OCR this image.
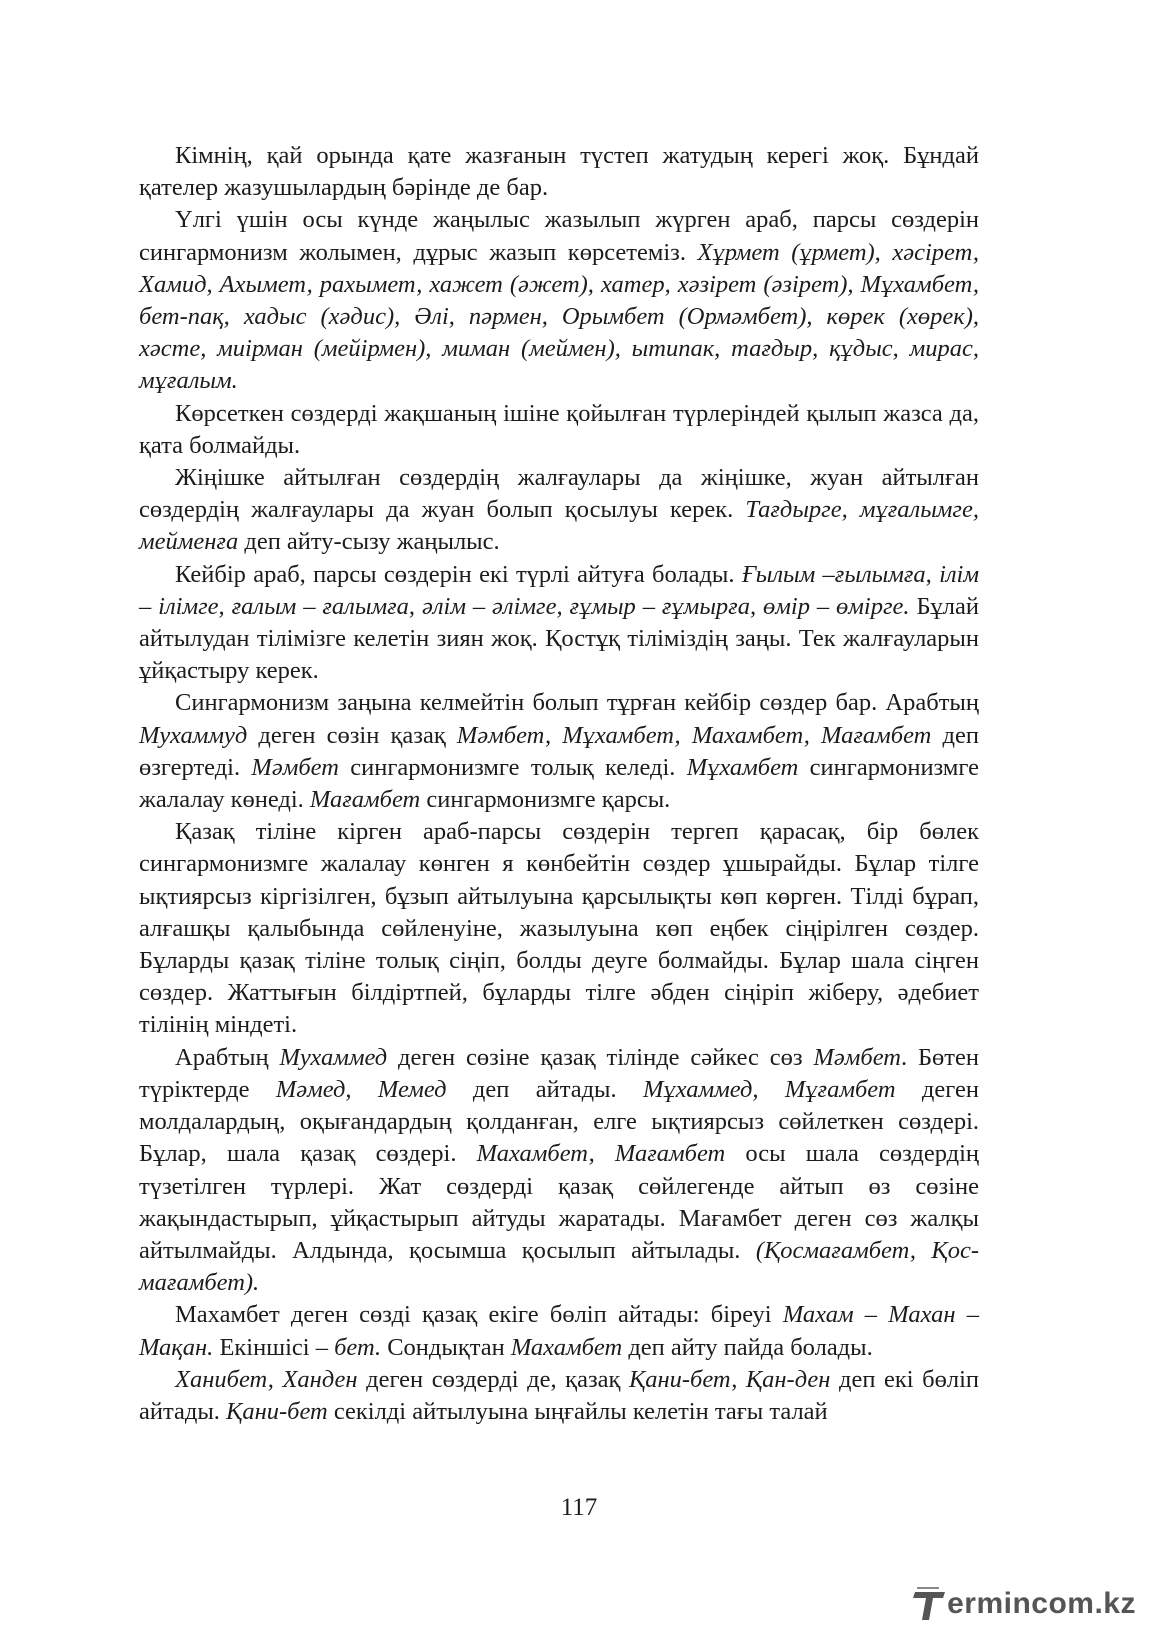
Кімнің, қай орында қате жазғанын түстеп жатудың керегі жоқ. Бұндай қателер жазушылардың бәрінде де бар.

Үлгі үшін осы күнде жаңылыс жазылып жүрген араб, парсы сөздерін сингармонизм жолымен, дұрыс жазып көрсетеміз. Хұрмет (ұрмет), хәсірет, Хамид, Ахымет, рахымет, хажет (әжет), хатер, хәзірет (әзірет), Мұхамбет, бет-пақ, хадыс (хәдис), Әлі, пәрмен, Орымбет (Ормәмбет), көрек (хөрек), хәсте, миірман (мейірмен), миман (меймен), ытипак, тағдыр, құдыс, мирас, мұғалым.

Көрсеткен сөздерді жақшаның ішіне қойылған түрлеріндей қылып жазса да, қата болмайды.

Жіңішке айтылған сөздердің жалғаулары да жіңішке, жуан айтылған сөздердің жалғаулары да жуан болып қосылуы керек. Тағдырге, мұғалымге, мейменға деп айту-сызу жаңылыс.

Кейбір араб, парсы сөздерін екі түрлі айтуға болады. Ғылым –ғылымға, ілім – ілімге, ғалым – ғалымға, әлім – әлімге, ғұмыр – ғұмырға, өмір – өмірге. Бұлай айтылудан тілімізге келетін зиян жоқ. Қостұқ тіліміздің заңы. Тек жалғауларын ұйқастыру керек.

Сингармонизм заңына келмейтін болып тұрған кейбір сөздер бар. Арабтың Мухаммуд деген сөзін қазақ Мәмбет, Мұхамбет, Махамбет, Мағамбет деп өзгертеді. Мәмбет сингармонизмге толық келеді. Мұхамбет сингармонизмге жалалау көнеді. Мағамбет сингармонизмге қарсы.

Қазақ тіліне кірген араб-парсы сөздерін тергеп қарасақ, бір бөлек сингармонизмге жалалау көнген я көнбейтін сөздер ұшырайды. Бұлар тілге ықтиярсыз кіргізілген, бұзып айтылуына қарсылықты көп көрген. Тілді бұрап, алғашқы қалыбында сөйленуіне, жазылуына көп еңбек сіңірілген сөздер. Бұларды қазақ тіліне толық сіңіп, болды деуге болмайды. Бұлар шала сіңген сөздер. Жаттығын білдіртпей, бұларды тілге әбден сіңіріп жіберу, әдебиет тілінің міндеті.

Арабтың Мухаммед деген сөзіне қазақ тілінде сәйкес сөз Мәмбет. Бөтен түріктерде Мәмед, Мемед деп айтады. Мұхаммед, Мұғамбет деген молдалардың, оқығандардың қолданған, елге ықтиярсыз сөйлеткен сөздері. Бұлар, шала қазақ сөздері. Махамбет, Мағамбет осы шала сөздердің түзетілген түрлері. Жат сөздерді қазақ сөйлегенде айтып өз сөзіне жақындастырып, ұйқастырып айтуды жаратады. Мағамбет деген сөз жалқы айтылмайды. Алдында, қосымша қосылып айтылады. (Қосмағамбет, Қос-мағамбет).

Махамбет деген сөзді қазақ екіге бөліп айтады: біреуі Махам – Махан – Мақан. Екіншісі – бет. Сондықтан Махамбет деп айту пайда болады.

Ханибет, Ханден деген сөздерді де, қазақ Қани-бет, Қан-ден деп екі бөліп айтады. Қани-бет секілді айтылуына ыңғайлы келетін тағы талай

117
ermincоm.kz
